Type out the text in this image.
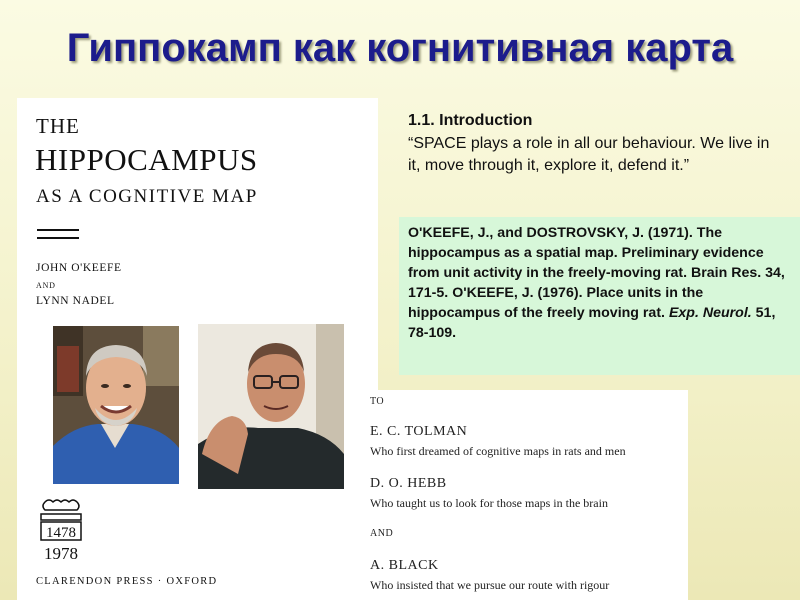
Гиппокамп как когнитивная карта
THE
HIPPOCAMPUS
AS A COGNITIVE MAP
JOHN O'KEEFE
AND
LYNN NADEL
1478
1978
CLARENDON PRESS · OXFORD
1.1. Introduction
“SPACE plays a role in all our behaviour. We live in it, move through it, explore it, defend it.”
O'KEEFE, J., and DOSTROVSKY, J. (1971). The hippocampus as a spatial map. Preliminary evidence from unit activity in the freely-moving rat. Brain Res. 34, 171-5. O'KEEFE, J. (1976). Place units in the hippocampus of the freely moving rat. Exp. Neurol. 51, 78-109.
TO
E. C. TOLMAN
Who first dreamed of cognitive maps in rats and men
D. O. HEBB
Who taught us to look for those maps in the brain
AND
A. BLACK
Who insisted that we pursue our route with rigour
